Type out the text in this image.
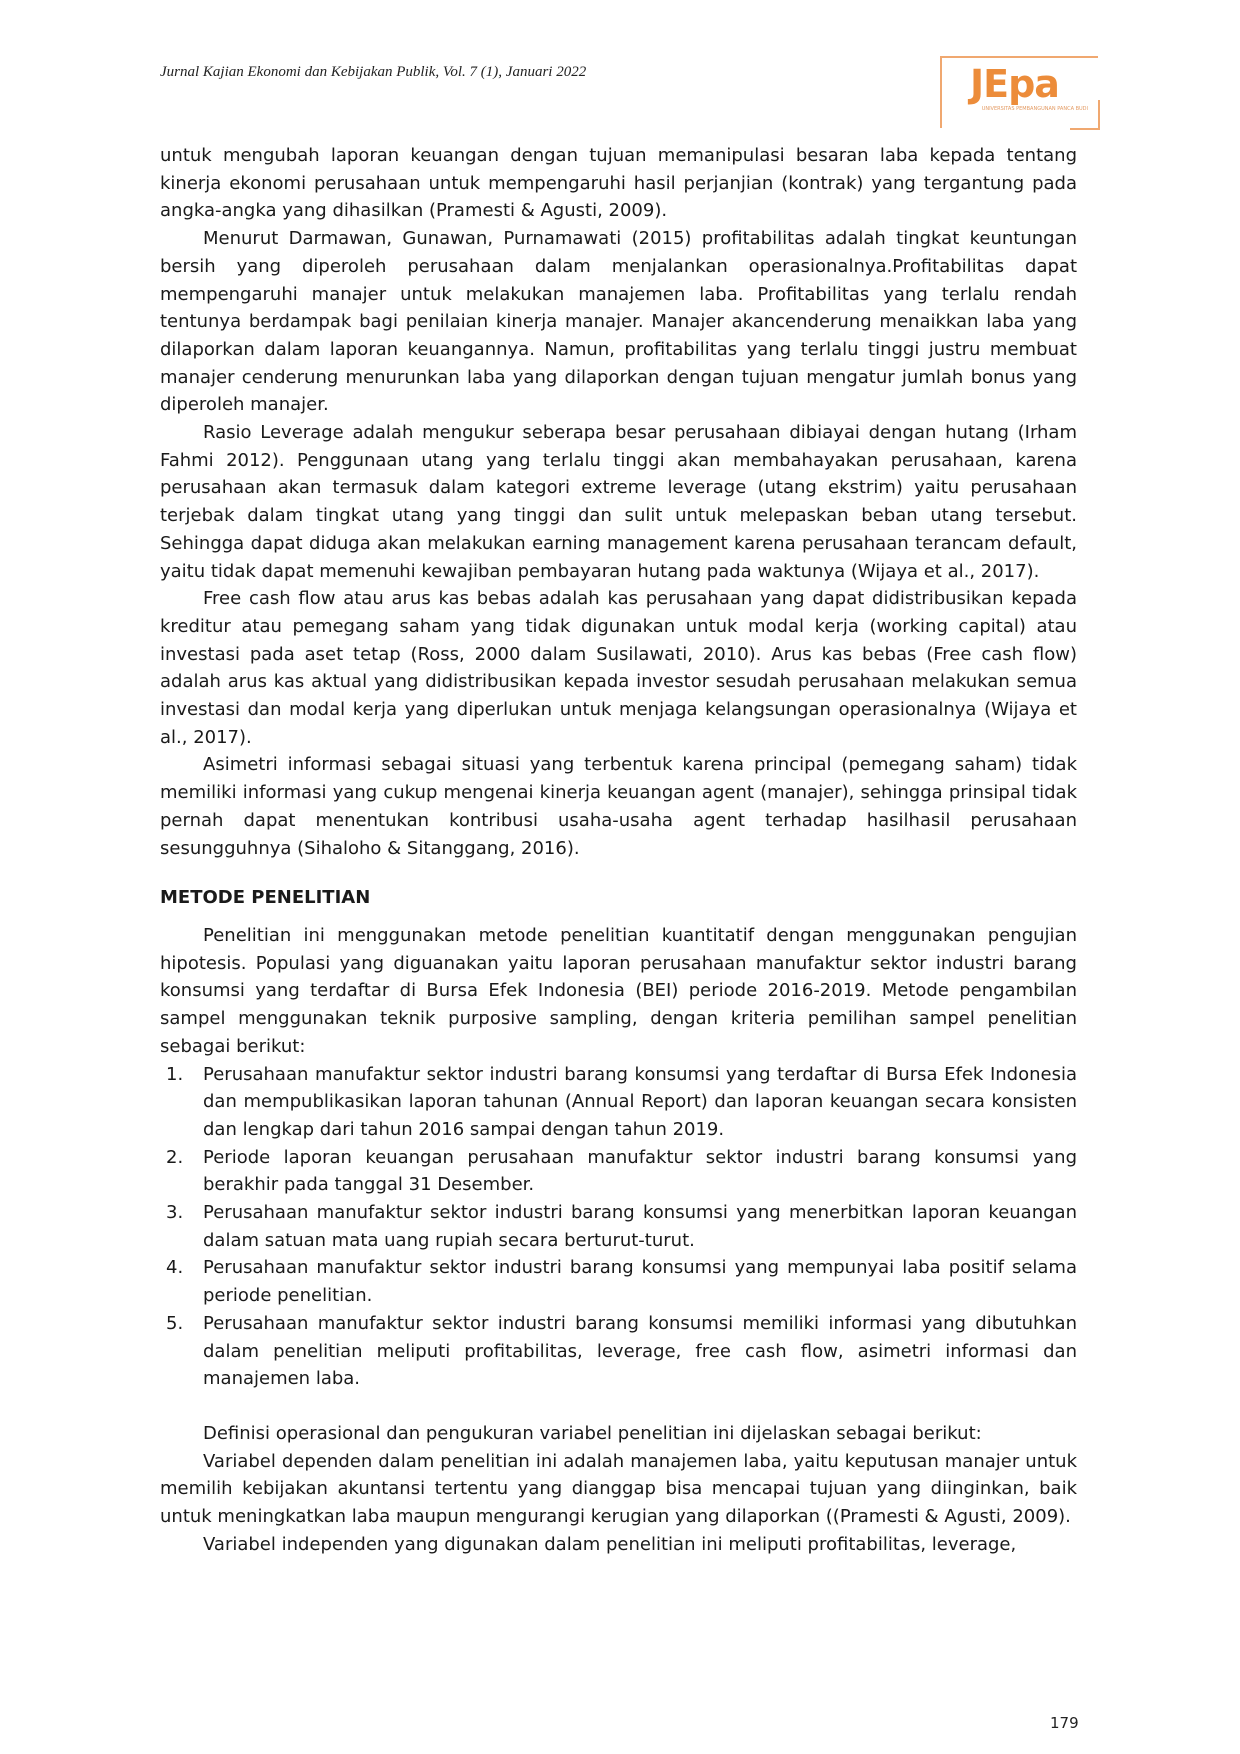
Jurnal Kajian Ekonomi dan Kebijakan Publik, Vol. 7 (1), Januari 2022	JEpa
UNIVERSITAS PEMBANGUNAN PANCA BUDI

untuk mengubah laporan keuangan dengan tujuan memanipulasi besaran laba kepada tentang kinerja ekonomi perusahaan untuk mempengaruhi hasil perjanjian (kontrak) yang tergantung pada angka-angka yang dihasilkan (Pramesti & Agusti, 2009).

Menurut Darmawan, Gunawan, Purnamawati (2015) profitabilitas adalah tingkat keuntungan bersih yang diperoleh perusahaan dalam menjalankan operasionalnya.Profitabilitas dapat mempengaruhi manajer untuk melakukan manajemen laba. Profitabilitas yang terlalu rendah tentunya berdampak bagi penilaian kinerja manajer. Manajer akancenderung menaikkan laba yang dilaporkan dalam laporan keuangannya. Namun, profitabilitas yang terlalu tinggi justru membuat manajer cenderung menurunkan laba yang dilaporkan dengan tujuan mengatur jumlah bonus yang diperoleh manajer.

Rasio Leverage adalah mengukur seberapa besar perusahaan dibiayai dengan hutang (Irham Fahmi 2012). Penggunaan utang yang terlalu tinggi akan membahayakan perusahaan, karena perusahaan akan termasuk dalam kategori extreme leverage (utang ekstrim) yaitu perusahaan terjebak dalam tingkat utang yang tinggi dan sulit untuk melepaskan beban utang tersebut. Sehingga dapat diduga akan melakukan earning management karena perusahaan terancam default, yaitu tidak dapat memenuhi kewajiban pembayaran hutang pada waktunya (Wijaya et al., 2017).

Free cash flow atau arus kas bebas adalah kas perusahaan yang dapat didistribusikan kepada kreditur atau pemegang saham yang tidak digunakan untuk modal kerja (working capital) atau investasi pada aset tetap (Ross, 2000 dalam Susilawati, 2010). Arus kas bebas (Free cash flow) adalah arus kas aktual yang didistribusikan kepada investor sesudah perusahaan melakukan semua investasi dan modal kerja yang diperlukan untuk menjaga kelangsungan operasionalnya (Wijaya et al., 2017).

Asimetri informasi sebagai situasi yang terbentuk karena principal (pemegang saham) tidak memiliki informasi yang cukup mengenai kinerja keuangan agent (manajer), sehingga prinsipal tidak pernah dapat menentukan kontribusi usaha-usaha agent terhadap hasilhasil perusahaan sesungguhnya (Sihaloho & Sitanggang, 2016).

METODE PENELITIAN

Penelitian ini menggunakan metode penelitian kuantitatif dengan menggunakan pengujian hipotesis. Populasi yang diguanakan yaitu laporan perusahaan manufaktur sektor industri barang konsumsi yang terdaftar di Bursa Efek Indonesia (BEI) periode 2016-2019. Metode pengambilan sampel menggunakan teknik purposive sampling, dengan kriteria pemilihan sampel penelitian sebagai berikut:

1. Perusahaan manufaktur sektor industri barang konsumsi yang terdaftar di Bursa Efek Indonesia dan mempublikasikan laporan tahunan (Annual Report) dan laporan keuangan secara konsisten dan lengkap dari tahun 2016 sampai dengan tahun 2019.
2. Periode laporan keuangan perusahaan manufaktur sektor industri barang konsumsi yang berakhir pada tanggal 31 Desember.
3. Perusahaan manufaktur sektor industri barang konsumsi yang menerbitkan laporan keuangan dalam satuan mata uang rupiah secara berturut-turut.
4. Perusahaan manufaktur sektor industri barang konsumsi yang mempunyai laba positif selama periode penelitian.
5. Perusahaan manufaktur sektor industri barang konsumsi memiliki informasi yang dibutuhkan dalam penelitian meliputi profitabilitas, leverage, free cash flow, asimetri informasi dan manajemen laba.

Definisi operasional dan pengukuran variabel penelitian ini dijelaskan sebagai berikut:

Variabel dependen dalam penelitian ini adalah manajemen laba, yaitu keputusan manajer untuk memilih kebijakan akuntansi tertentu yang dianggap bisa mencapai tujuan yang diinginkan, baik untuk meningkatkan laba maupun mengurangi kerugian yang dilaporkan ((Pramesti & Agusti, 2009).

Variabel independen yang digunakan dalam penelitian ini meliputi profitabilitas, leverage,

179
